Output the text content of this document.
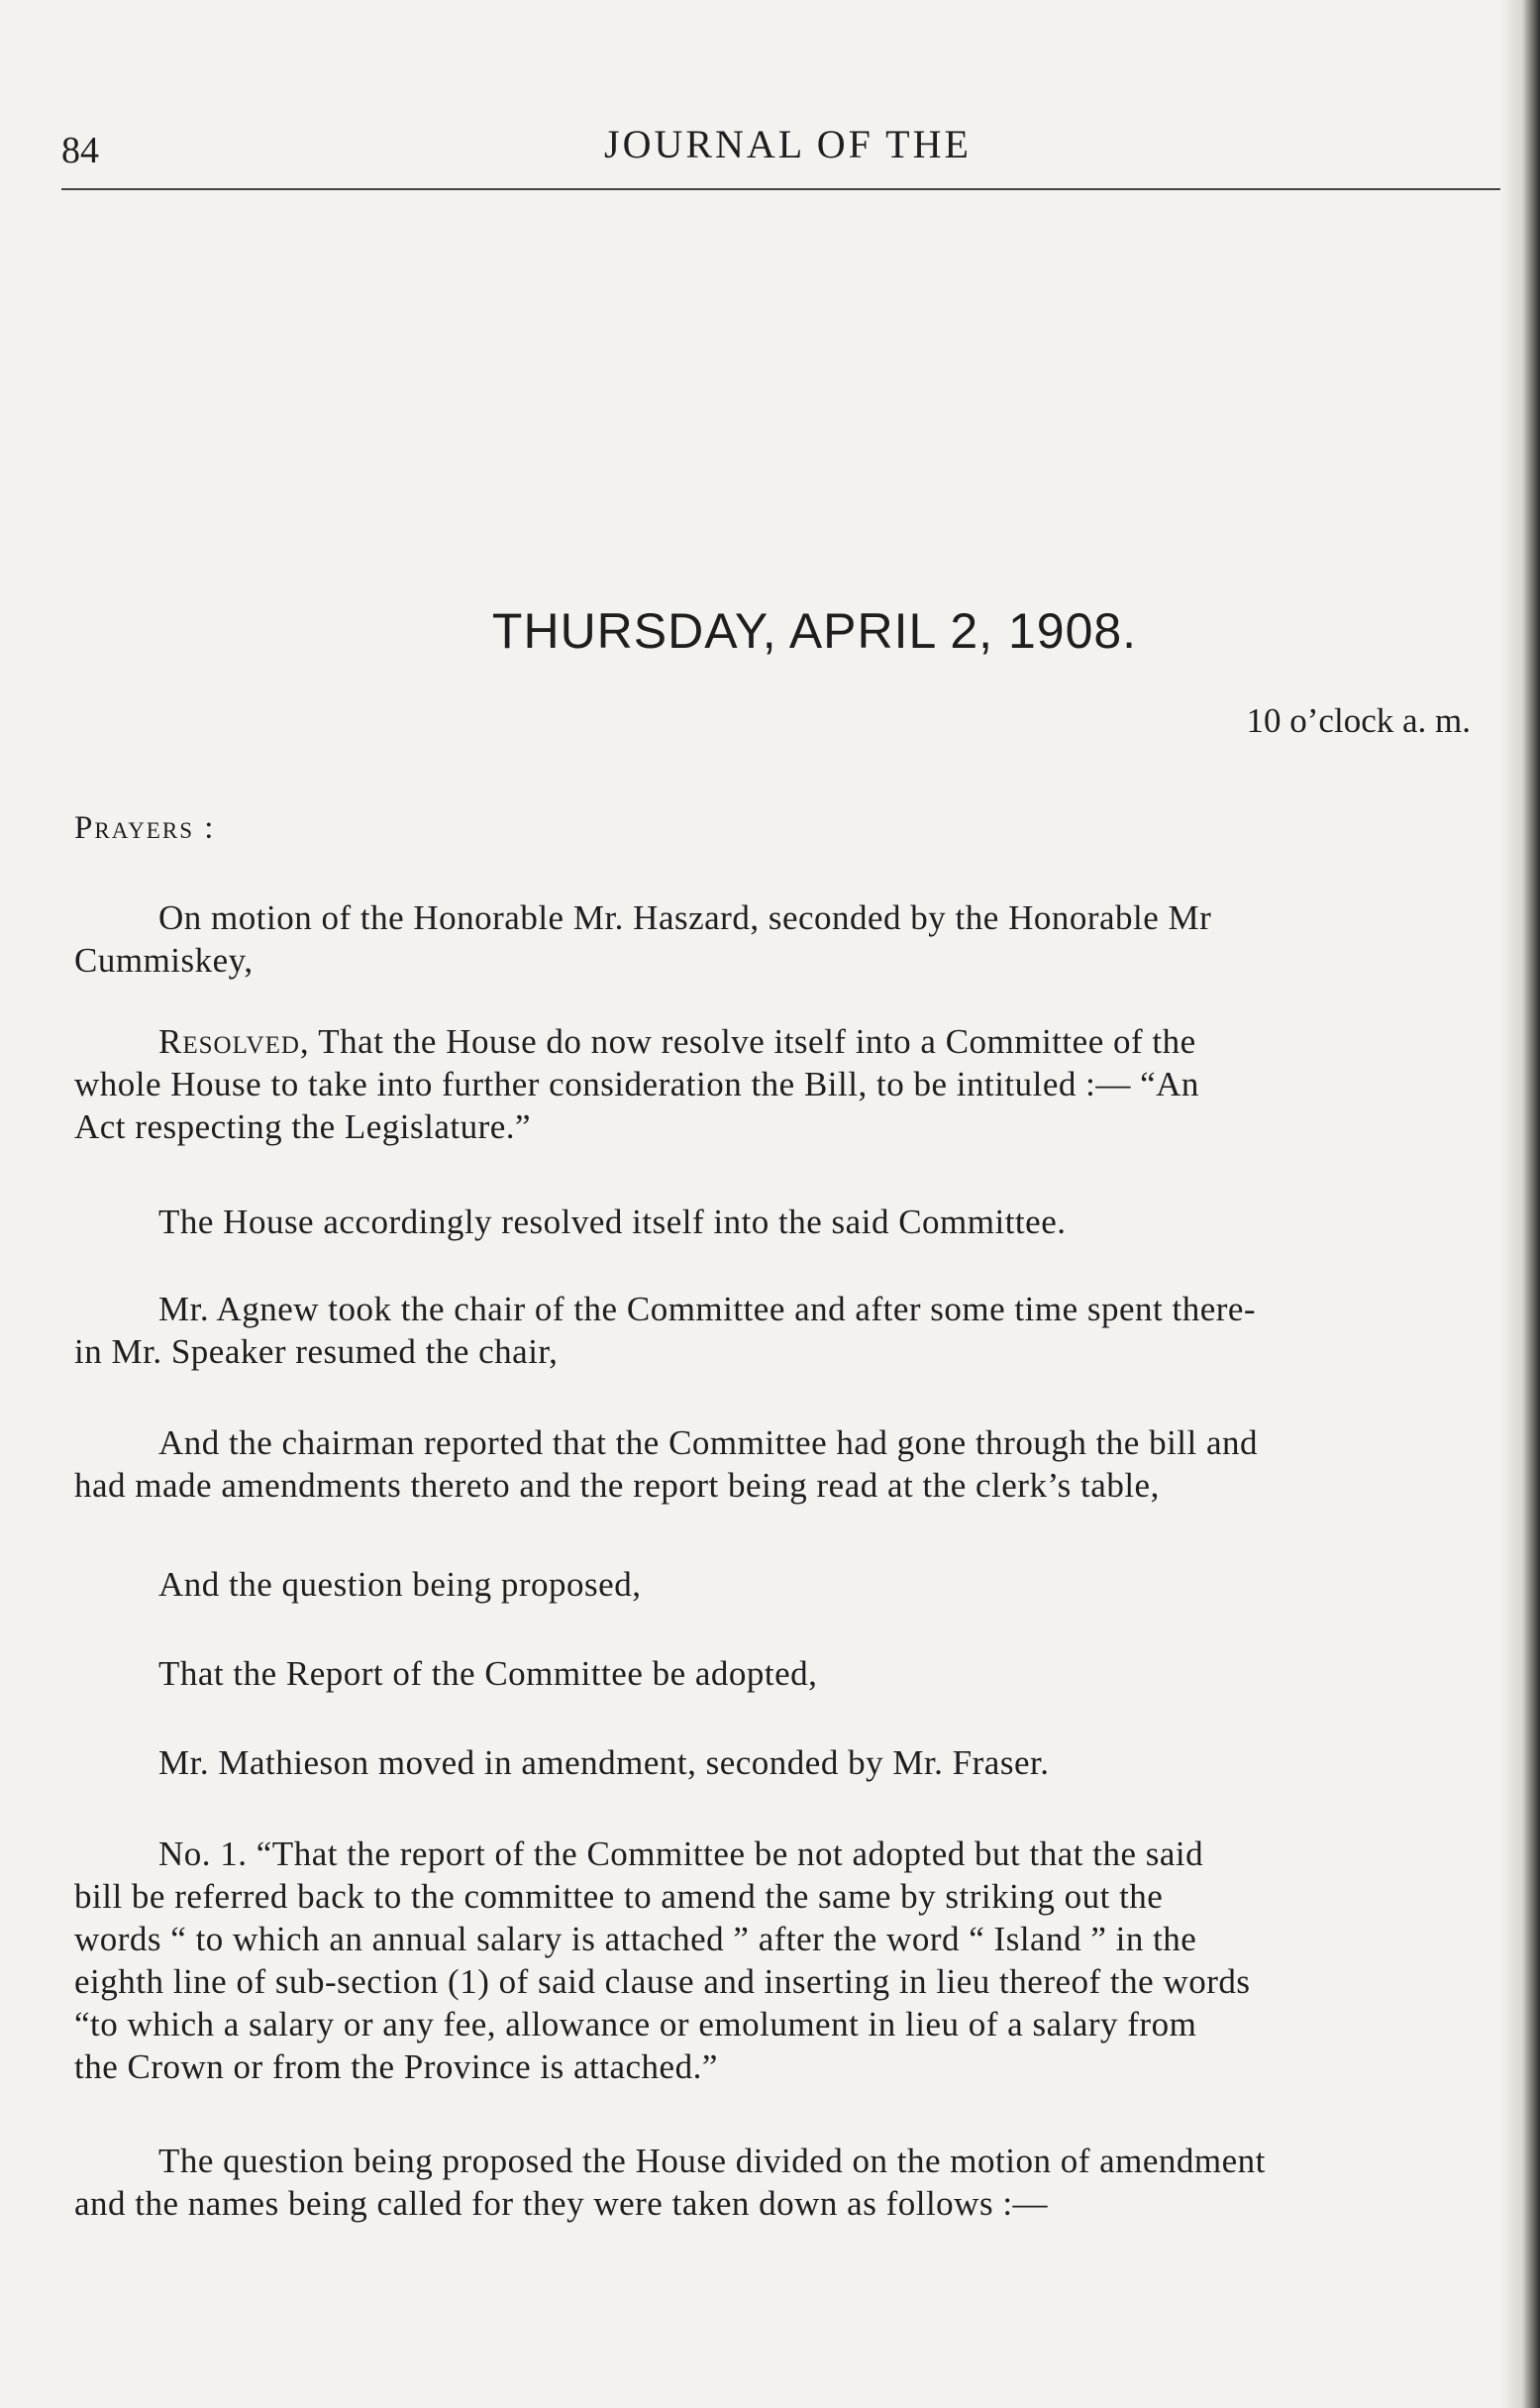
84	JOURNAL OF THE
THURSDAY, APRIL 2, 1908.
10 o’clock a. m.
Prayers :
On motion of the Honorable Mr. Haszard, seconded by the Honorable Mr
Cummiskey,
Resolved, That the House do now resolve itself into a Committee of the
whole House to take into further consideration the Bill, to be intituled :— “An
Act respecting the Legislature.”
The House accordingly resolved itself into the said Committee.
Mr. Agnew took the chair of the Committee and after some time spent there-
in Mr. Speaker resumed the chair,
And the chairman reported that the Committee had gone through the bill and
had made amendments thereto and the report being read at the clerk’s table,
And the question being proposed,
That the Report of the Committee be adopted,
Mr. Mathieson moved in amendment, seconded by Mr. Fraser.
No. 1. “That the report of the Committee be not adopted but that the said
bill be referred back to the committee to amend the same by striking out the
words “ to which an annual salary is attached ” after the word “ Island ” in the
eighth line of sub-section (1) of said clause and inserting in lieu thereof the words
“to which a salary or any fee, allowance or emolument in lieu of a salary from
the Crown or from the Province is attached.”
The question being proposed the House divided on the motion of amendment
and the names being called for they were taken down as follows :—
